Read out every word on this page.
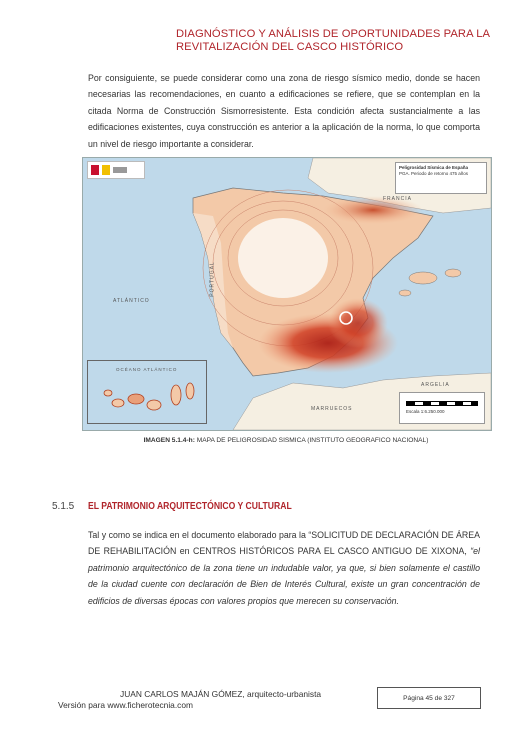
DIAGNÓSTICO Y ANÁLISIS DE OPORTUNIDADES PARA LA
REVITALIZACIÓN DEL CASCO HISTÓRICO
Por consiguiente, se puede considerar como una zona de riesgo sísmico medio, donde se hacen necesarias las recomendaciones, en cuanto a edificaciones se refiere, que se contemplan en la citada Norma de Construcción Sismorresistente. Esta condición afecta sustancialmente a las edificaciones existentes, cuya construcción es anterior a la aplicación de la norma, lo que comporta un nivel de riesgo importante a considerar.
Peligrosidad Sísmica de España
PGA. Periodo de retorno 475 años
FRANCIA
PORTUGAL
ATLÁNTICO
MARRUECOS
ARGELIA
OCÉANO ATLÁNTICO
Escala 1:6.250.000
IMAGEN 5.1.4-h: MAPA DE PELIGROSIDAD SISMICA (INSTITUTO GEOGRAFICO NACIONAL)
5.1.5 EL PATRIMONIO ARQUITECTÓNICO Y CULTURAL
Tal y como se indica en el documento elaborado para la “SOLICITUD DE DECLARACIÓN DE ÁREA DE REHABILITACIÓN en CENTROS HISTÓRICOS PARA EL CASCO ANTIGUO DE XIXONA, “el patrimonio arquitectónico de la zona tiene un indudable valor, ya que, si bien solamente el castillo de la ciudad cuente con declaración de Bien de Interés Cultural, existe un gran concentración de edificios de diversas épocas con valores propios que merecen su conservación.
JUAN CARLOS MAJÁN GÓMEZ, arquitecto-urbanista
Versión para www.ficherotecnia.com
Página 45 de 327
